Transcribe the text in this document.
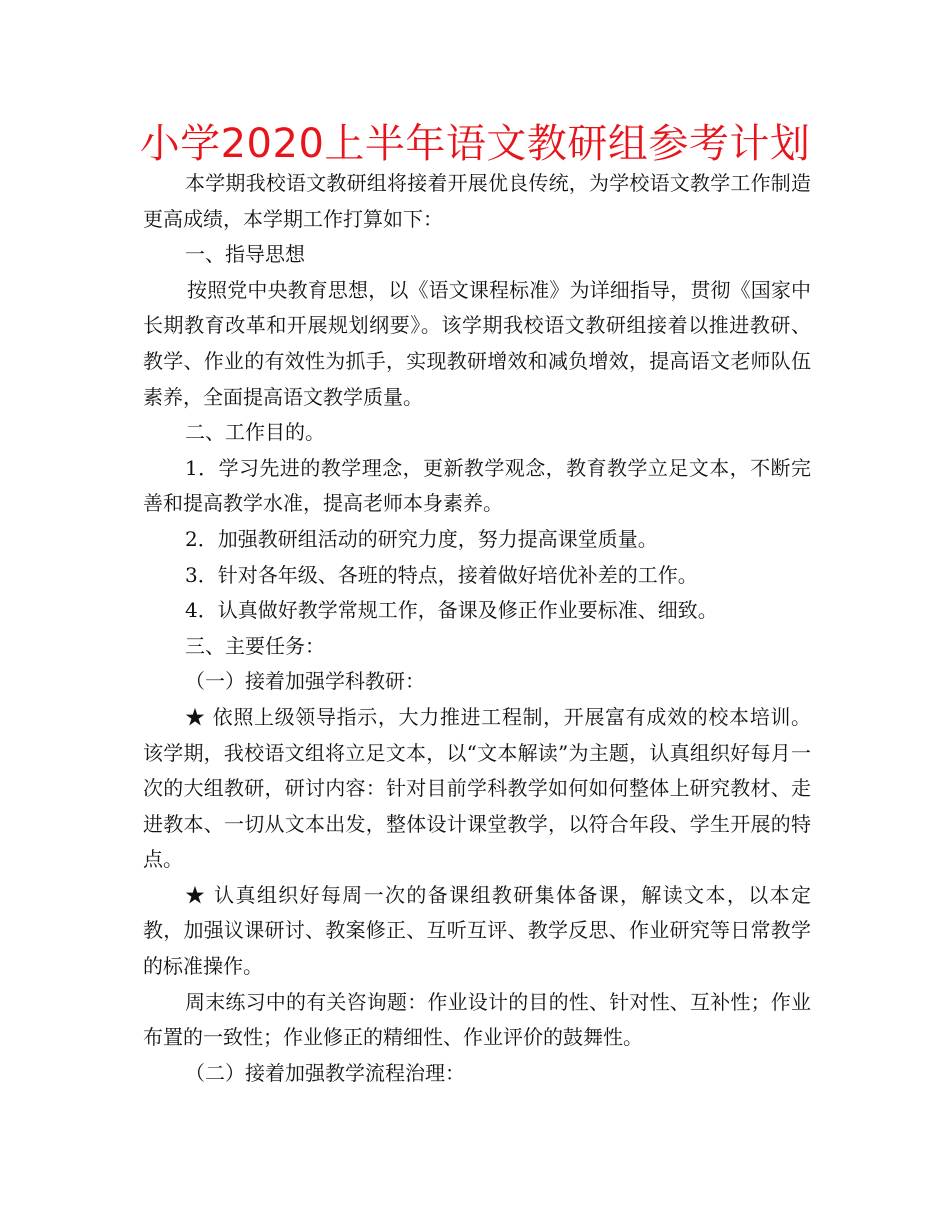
小学2020上半年语文教研组参考计划

本学期我校语文教研组将接着开展优良传统，为学校语文教学工作制造更高成绩，本学期工作打算如下：

一、指导思想

按照党中央教育思想，以《语文课程标准》为详细指导，贯彻《国家中长期教育改革和开展规划纲要》。该学期我校语文教研组接着以推进教研、教学、作业的有效性为抓手，实现教研增效和减负增效，提高语文老师队伍素养，全面提高语文教学质量。

二、工作目的。

1．学习先进的教学理念，更新教学观念，教育教学立足文本，不断完善和提高教学水准，提高老师本身素养。

2．加强教研组活动的研究力度，努力提高课堂质量。

3．针对各年级、各班的特点，接着做好培优补差的工作。

4．认真做好教学常规工作，备课及修正作业要标准、细致。

三、主要任务：

（一）接着加强学科教研：

★ 依照上级领导指示，大力推进工程制，开展富有成效的校本培训。该学期，我校语文组将立足文本，以“文本解读”为主题，认真组织好每月一次的大组教研，研讨内容：针对目前学科教学如何如何整体上研究教材、走进教本、一切从文本出发，整体设计课堂教学，以符合年段、学生开展的特点。

★ 认真组织好每周一次的备课组教研集体备课，解读文本，以本定教，加强议课研讨、教案修正、互听互评、教学反思、作业研究等日常教学的标准操作。

周末练习中的有关咨询题：作业设计的目的性、针对性、互补性；作业布置的一致性；作业修正的精细性、作业评价的鼓舞性。

（二）接着加强教学流程治理：
